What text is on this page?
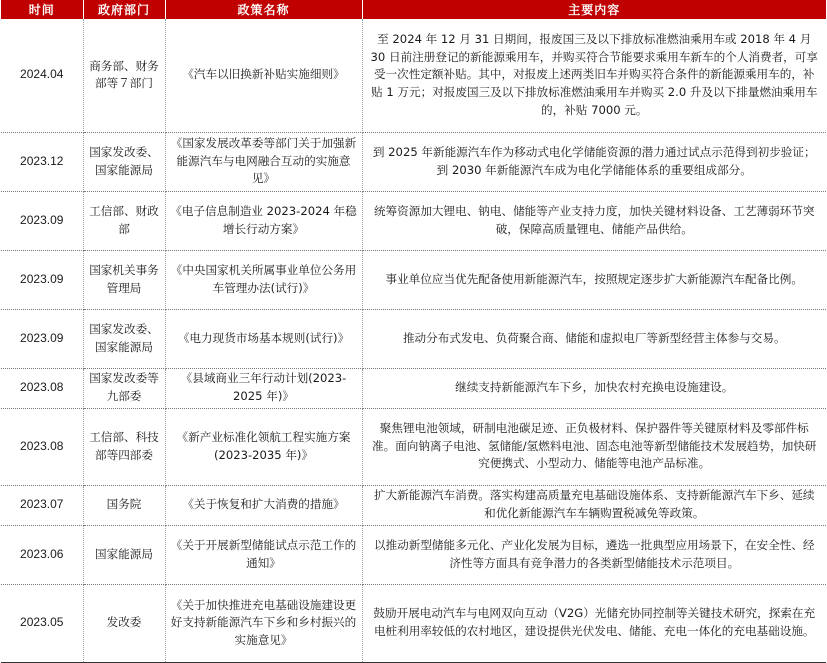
时间	政府部门	政策名称	主要内容
2024.04	商务部、财务部等７部门	《汽车以旧换新补贴实施细则》	至 2024 年 12 月 31 日期间，报废国三及以下排放标准燃油乘用车或 2018 年 4 月 30 日前注册登记的新能源乘用车，并购买符合节能要求乘用车新车的个人消费者，可享受一次性定额补贴。其中，对报废上述两类旧车并购买符合条件的新能源乘用车的，补贴 1 万元；对报废国三及以下排放标准燃油乘用车并购买 2.0 升及以下排量燃油乘用车的，补贴 7000 元。
2023.12	国家发改委、国家能源局	《国家发展改革委等部门关于加强新能源汽车与电网融合互动的实施意见》	到 2025 年新能源汽车作为移动式电化学储能资源的潜力通过试点示范得到初步验证；到 2030 年新能源汽车成为电化学储能体系的重要组成部分。
2023.09	工信部、财政部	《电子信息制造业 2023-2024 年稳增长行动方案》	统筹资源加大锂电、钠电、储能等产业支持力度，加快关键材料设备、工艺薄弱环节突破，保障高质量锂电、储能产品供给。
2023.09	国家机关事务管理局	《中央国家机关所属事业单位公务用车管理办法(试行)》	事业单位应当优先配备使用新能源汽车，按照规定逐步扩大新能源汽车配备比例。
2023.09	国家发改委、国家能源局	《电力现货市场基本规则(试行)》	推动分布式发电、负荷聚合商、储能和虚拟电厂等新型经营主体参与交易。
2023.08	国家发改委等九部委	《县域商业三年行动计划(2023-2025 年)》	继续支持新能源汽车下乡，加快农村充换电设施建设。
2023.08	工信部、科技部等四部委	《新产业标准化领航工程实施方案(2023-2035 年)》	聚焦锂电池领域，研制电池碳足迹、正负极材料、保护器件等关键原材料及零部件标准。面向钠离子电池、氢储能/氢燃料电池、固态电池等新型储能技术发展趋势，加快研究便携式、小型动力、储能等电池产品标准。
2023.07	国务院	《关于恢复和扩大消费的措施》	扩大新能源汽车消费。落实构建高质量充电基础设施体系、支持新能源汽车下乡、延续和优化新能源汽车车辆购置税减免等政策。
2023.06	国家能源局	《关于开展新型储能试点示范工作的通知》	以推动新型储能多元化、产业化发展为目标，遴选一批典型应用场景下，在安全性、经济性等方面具有竞争潜力的各类新型储能技术示范项目。
2023.05	发改委	《关于加快推进充电基础设施建设更好支持新能源汽车下乡和乡村振兴的实施意见》	鼓励开展电动汽车与电网双向互动（V2G）光储充协同控制等关键技术研究，探索在充电桩利用率较低的农村地区，建设提供光伏发电、储能、充电一体化的充电基础设施。
